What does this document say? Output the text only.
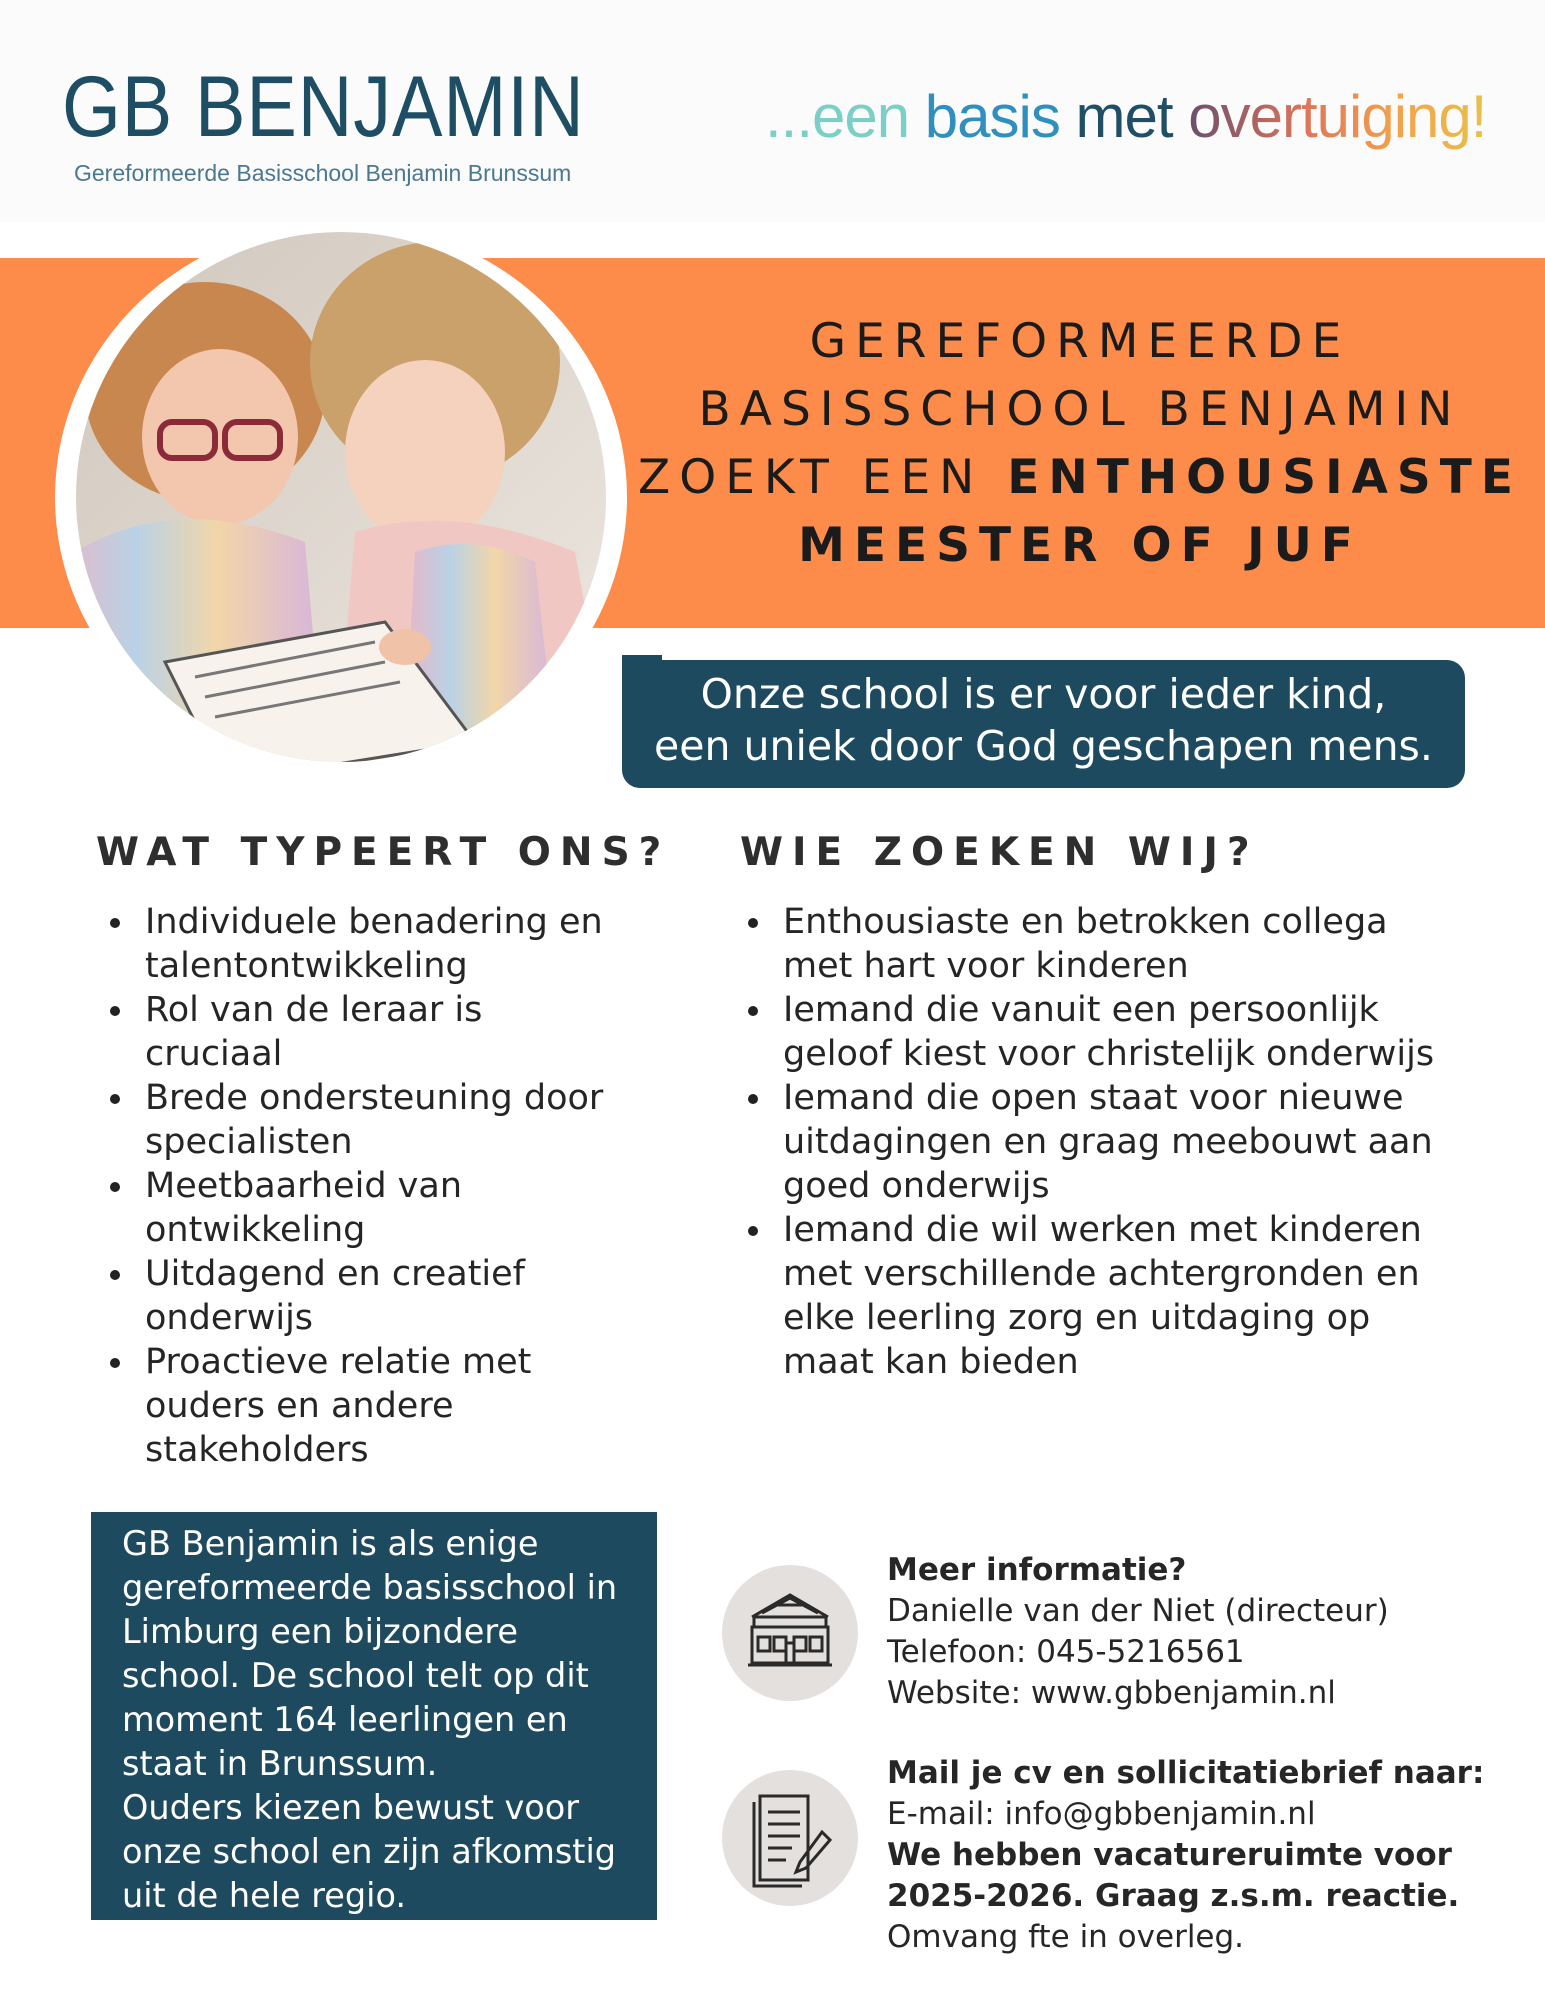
GB BENJAMIN
Gereformeerde Basisschool Benjamin Brunssum
...een basis met overtuiging!
GEREFORMEERDE
BASISSCHOOL BENJAMIN
ZOEKT EEN ENTHOUSIASTE
MEESTER OF JUF
Onze school is er voor ieder kind,
een uniek door God geschapen mens.
WAT TYPEERT ONS?
Individuele benadering en talentontwikkeling
Rol van de leraar is cruciaal
Brede ondersteuning door specialisten
Meetbaarheid van ontwikkeling
Uitdagend en creatief onderwijs
Proactieve relatie met ouders en andere stakeholders
WIE ZOEKEN WIJ?
Enthousiaste en betrokken collega met hart voor kinderen
Iemand die vanuit een persoonlijk geloof kiest voor christelijk onderwijs
Iemand die open staat voor nieuwe uitdagingen en graag meebouwt aan goed onderwijs
Iemand die wil werken met kinderen met verschillende achtergronden en elke leerling zorg en uitdaging op maat kan bieden

GB Benjamin is als enige gereformeerde basisschool in Limburg een bijzondere school. De school telt op dit moment 164 leerlingen en staat in Brunssum.

Ouders kiezen bewust voor onze school en zijn afkomstig uit de hele regio.

Meer informatie?
Danielle van der Niet (directeur)
Telefoon: 045-5216561
Website: www.gbbenjamin.nl
Mail je cv en sollicitatiebrief naar:
E-mail: info@gbbenjamin.nl
We hebben vacatureruimte voor
2025-2026. Graag z.s.m. reactie.
Omvang fte in overleg.
